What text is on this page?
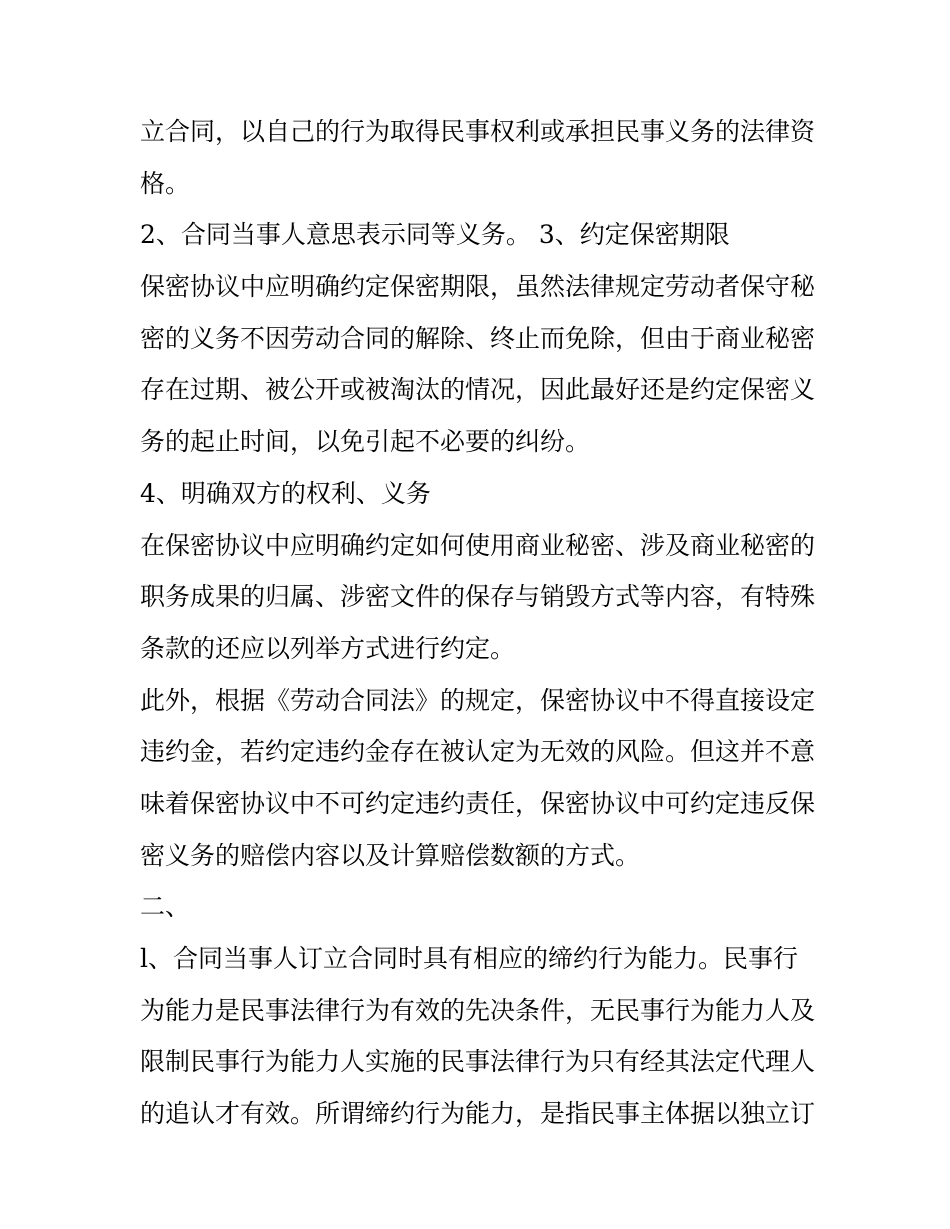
立合同，以自己的行为取得民事权利或承担民事义务的法律资
格。
2、合同当事人意思表示同等义务。 3、约定保密期限
保密协议中应明确约定保密期限，虽然法律规定劳动者保守秘
密的义务不因劳动合同的解除、终止而免除，但由于商业秘密
存在过期、被公开或被淘汰的情况，因此最好还是约定保密义
务的起止时间，以免引起不必要的纠纷。
4、明确双方的权利、义务
在保密协议中应明确约定如何使用商业秘密、涉及商业秘密的
职务成果的归属、涉密文件的保存与销毁方式等内容，有特殊
条款的还应以列举方式进行约定。
此外，根据《劳动合同法》的规定，保密协议中不得直接设定
违约金，若约定违约金存在被认定为无效的风险。但这并不意
味着保密协议中不可约定违约责任，保密协议中可约定违反保
密义务的赔偿内容以及计算赔偿数额的方式。
二、
l、合同当事人订立合同时具有相应的缔约行为能力。民事行
为能力是民事法律行为有效的先决条件，无民事行为能力人及
限制民事行为能力人实施的民事法律行为只有经其法定代理人
的追认才有效。所谓缔约行为能力，是指民事主体据以独立订
